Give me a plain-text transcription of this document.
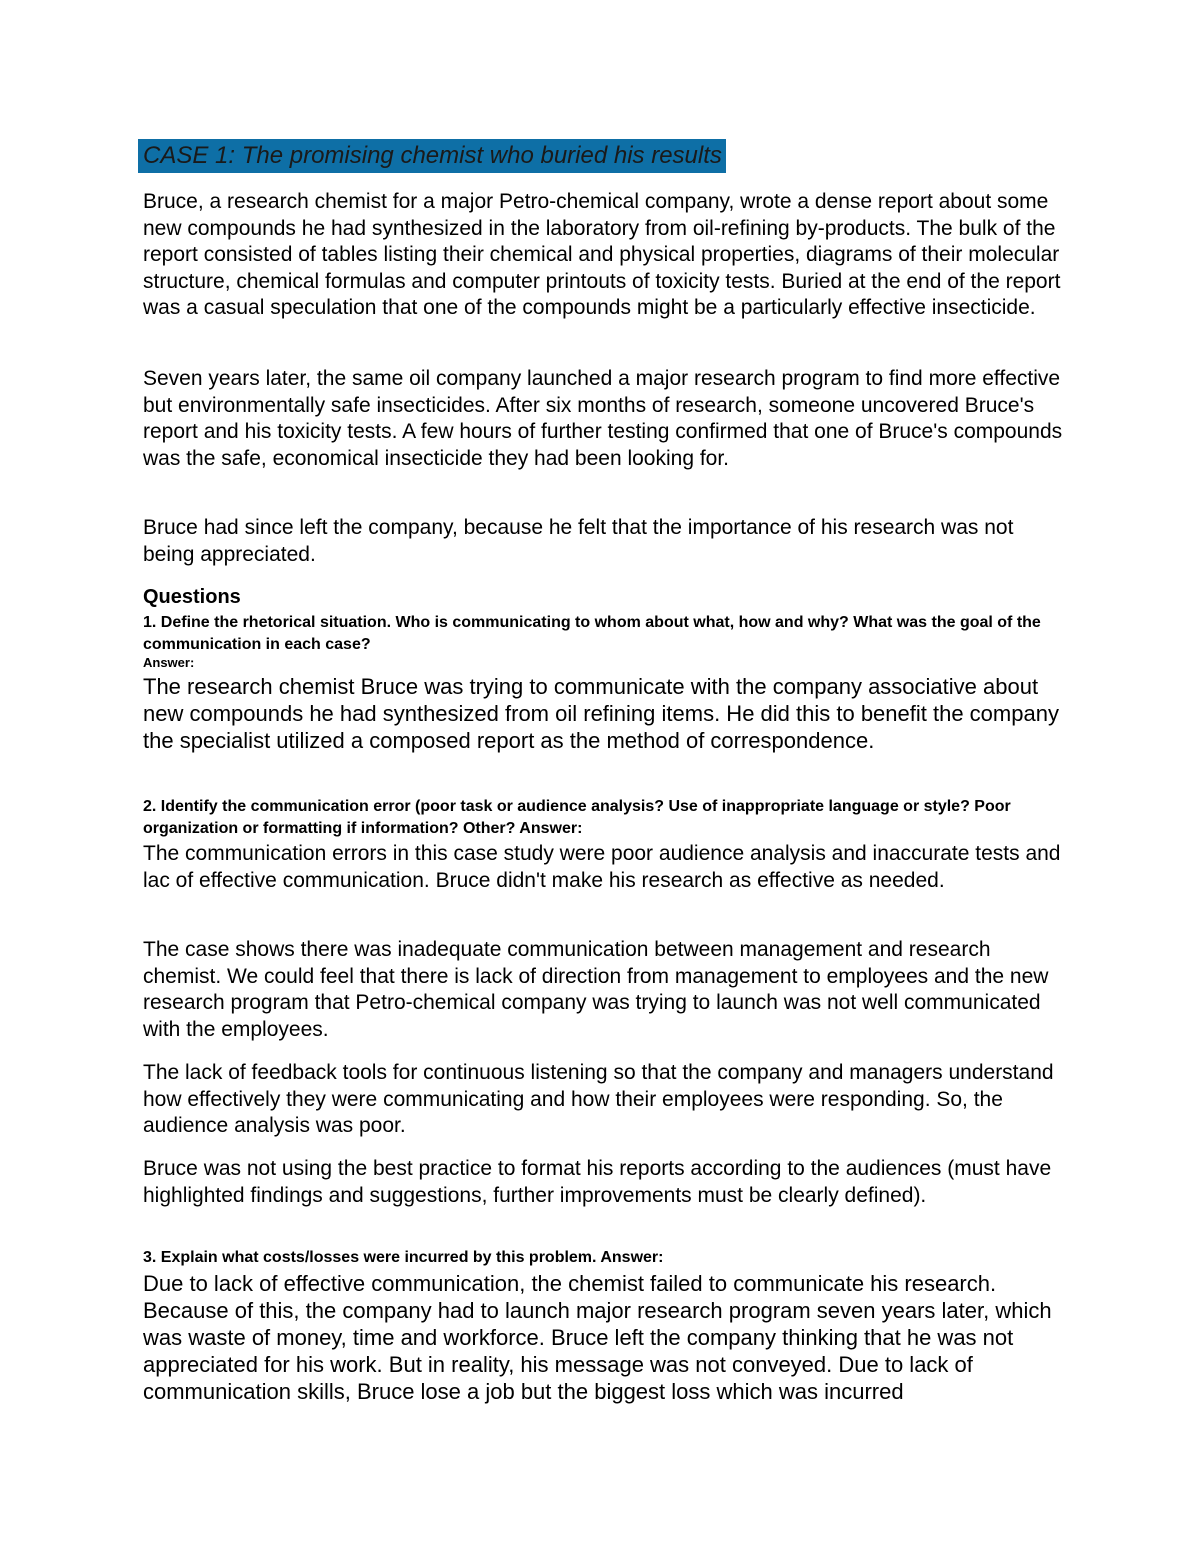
CASE 1: The promising chemist who buried his results

Bruce, a research chemist for a major Petro-chemical company, wrote a dense report about some new compounds he had synthesized in the laboratory from oil-refining by-products. The bulk of the report consisted of tables listing their chemical and physical properties, diagrams of their molecular structure, chemical formulas and computer printouts of toxicity tests. Buried at the end of the report was a casual speculation that one of the compounds might be a particularly effective insecticide.

Seven years later, the same oil company launched a major research program to find more effective but environmentally safe insecticides. After six months of research, someone uncovered Bruce's report and his toxicity tests. A few hours of further testing confirmed that one of Bruce's compounds was the safe, economical insecticide they had been looking for.

Bruce had since left the company, because he felt that the importance of his research was not being appreciated.

Questions

1. Define the rhetorical situation. Who is communicating to whom about what, how and why? What was the goal of the communication in each case?

Answer:

The research chemist Bruce was trying to communicate with the company associative about new compounds he had synthesized from oil refining items. He did this to benefit the company the specialist utilized a composed report as the method of correspondence.

2. Identify the communication error (poor task or audience analysis? Use of inappropriate language or style? Poor organization or formatting if information? Other? Answer:

The communication errors in this case study were poor audience analysis and inaccurate tests and lac of effective communication. Bruce didn't make his research as effective as needed.

The case shows there was inadequate communication between management and research chemist. We could feel that there is lack of direction from management to employees and the new research program that Petro-chemical company was trying to launch was not well communicated with the employees.

The lack of feedback tools for continuous listening so that the company and managers understand how effectively they were communicating and how their employees were responding. So, the audience analysis was poor.

Bruce was not using the best practice to format his reports according to the audiences (must have highlighted findings and suggestions, further improvements must be clearly defined).

3. Explain what costs/losses were incurred by this problem. Answer:

Due to lack of effective communication, the chemist failed to communicate his research. Because of this, the company had to launch major research program seven years later, which was waste of money, time and workforce. Bruce left the company thinking that he was not appreciated for his work. But in reality, his message was not conveyed. Due to lack of communication skills, Bruce lose a job but the biggest loss which was incurred
